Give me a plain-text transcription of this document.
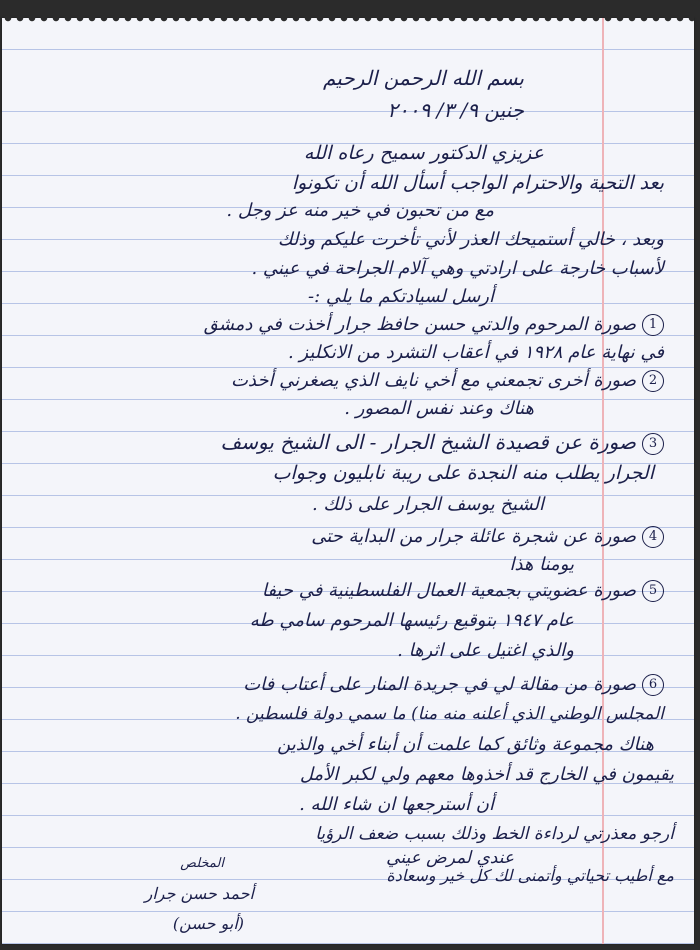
بسم الله الرحمن الرحيم
جنين ٩/ ٣/ ٢٠٠٩
عزيزي الدكتور سميح رعاه الله
بعد التحية والاحترام الواجب أسأل الله أن تكونوا
مع من تحبون في خير منه عز وجل .
وبعد ، خالي أستميحك العذر لأني تأخرت عليكم وذلك
لأسباب خارجة على ارادتي وهي آلام الجراحة في عيني .
أرسل لسيادتكم ما يلي :-
1صورة المرحوم والدتي حسن حافظ جرار أخذت في دمشق
في نهاية عام ١٩٢٨ في أعقاب التشرد من الانكليز .
2صورة أخرى تجمعني مع أخي نايف الذي يصغرني أخذت
هناك وعند نفس المصور .
3صورة عن قصيدة الشيخ الجرار - الى الشيخ يوسف
الجرار يطلب منه النجدة على ريبة نابليون وجواب
الشيخ يوسف الجرار على ذلك .
4صورة عن شجرة عائلة جرار من البداية حتى
يومنا هذا
5صورة عضويتي بجمعية العمال الفلسطينية في حيفا
عام ١٩٤٧ بتوقيع رئيسها المرحوم سامي طه
والذي اغتيل على اثرها .
6صورة من مقالة لي في جريدة المنار على أعتاب فات
المجلس الوطني الذي أعلنه منه منا) ما سمي دولة فلسطين .
هناك مجموعة وثائق كما علمت أن أبناء أخي والذين
يقيمون في الخارج قد أخذوها معهم ولي لكبر الأمل
أن أسترجعها ان شاء الله .
أرجو معذرتي لرداءة الخط وذلك بسبب ضعف الرؤيا
عندي لمرض عيني
مع أطيب تحياتي وأتمنى لك كل خير وسعادة
المخلص
أحمد حسن جرار
(أبو حسن)
